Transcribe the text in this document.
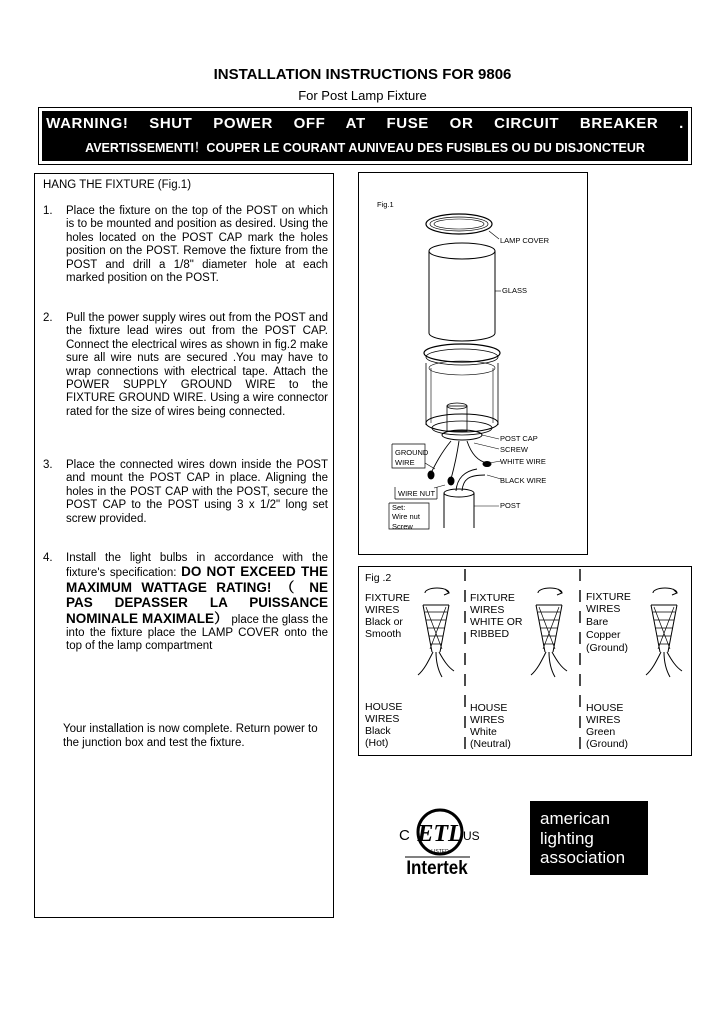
INSTALLATION INSTRUCTIONS FOR 9806
For Post Lamp Fixture
WARNING! SHUT POWER OFF AT FUSE OR CIRCUIT BREAKER .
AVERTISSEMENTI！COUPER LE COURANT AUNIVEAU DES FUSIBLES OU DU DISJONCTEUR
HANG THE FIXTURE (Fig.1)
1. Place the fixture on the top of the POST on which is to be mounted and position as desired. Using the holes located on the POST CAP mark the holes position on the POST. Remove the fixture from the POST and drill a 1/8" diameter hole at each marked position on the POST.
2. Pull the power supply wires out from the POST and the fixture lead wires out from the POST CAP. Connect the electrical wires as shown in fig.2 make sure all wire nuts are secured .You may have to wrap connections with electrical tape. Attach the POWER SUPPLY GROUND WIRE to the FIXTURE GROUND WIRE. Using a wire connector rated for the size of wires being connected.
3. Place the connected wires down inside the POST and mount the POST CAP in place. Aligning the holes in the POST CAP with the POST, secure the POST CAP to the POST using 3 x 1/2" long set screw provided.
4. Install the light bulbs in accordance with the fixture's specification: DO NOT EXCEED THE MAXIMUM WATTAGE RATING! （ NE PAS DEPASSER LA PUISSANCE NOMINALE MAXIMALE） place the glass the into the fixture place the LAMP COVER onto the top of the lamp compartment
Your installation is now complete. Return power to the junction box and test the fixture.
Fig.1
LAMP COVER
GLASS
POST CAP
SCREW
WHITE WIRE
BLACK WIRE
GROUND
WIRE
POST
WIRE NUT
Set:
Wire nut
Screw
Fig .2
FIXTURE
WIRES
Black or
Smooth
HOUSE
WIRES
Black
(Hot)
FIXTURE
WIRES
WHITE OR
RIBBED
HOUSE
WIRES
White
(Neutral)
FIXTURE
WIRES
Bare
Copper
(Ground)
HOUSE
WIRES
Green
(Ground)
ETL
LISTED
C	US
Intertek
american
lighting
association
